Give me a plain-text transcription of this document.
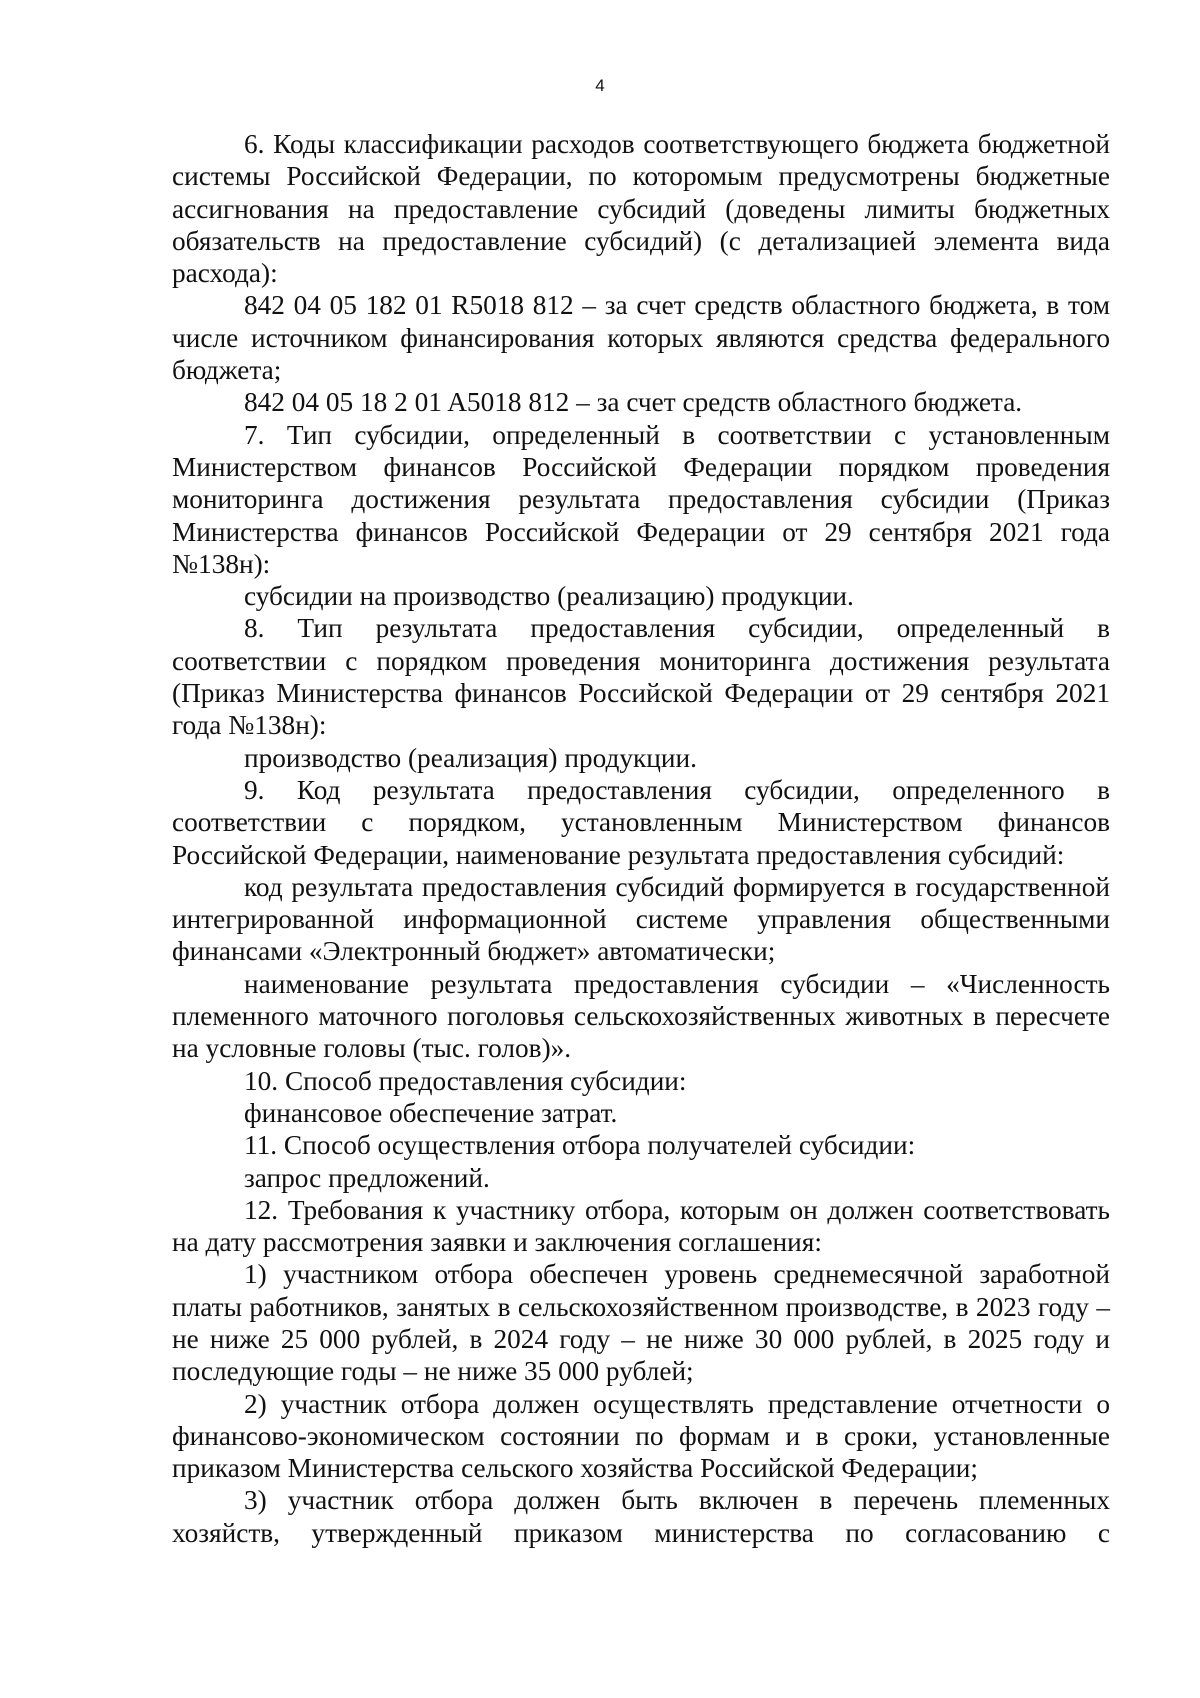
4

6. Коды классификации расходов соответствующего бюджета бюджетной системы Российской Федерации, по которомым предусмотрены бюджетные ассигнования на предоставление субсидий (доведены лимиты бюджетных обязательств на предоставление субсидий) (с детализацией элемента вида расхода):

842 04 05 182 01 R5018 812 – за счет средств областного бюджета, в том числе источником финансирования которых являются средства федерального бюджета;

842 04 05 18 2 01 A5018 812 – за счет средств областного бюджета.

7. Тип субсидии, определенный в соответствии с установленным Министерством финансов Российской Федерации порядком проведения мониторинга достижения результата предоставления субсидии (Приказ Министерства финансов Российской Федерации от 29 сентября 2021 года №138н):

субсидии на производство (реализацию) продукции.

8. Тип результата предоставления субсидии, определенный в соответствии с порядком проведения мониторинга достижения результата (Приказ Министерства финансов Российской Федерации от 29 сентября 2021 года №138н):

производство (реализация) продукции.

9. Код результата предоставления субсидии, определенного в соответствии с порядком, установленным Министерством финансов Российской Федерации, наименование результата предоставления субсидий:

код результата предоставления субсидий формируется в государственной интегрированной информационной системе управления общественными финансами «Электронный бюджет» автоматически;

наименование результата предоставления субсидии – «Численность племенного маточного поголовья сельскохозяйственных животных в пересчете на условные головы (тыс. голов)».

10. Способ предоставления субсидии:

финансовое обеспечение затрат.

11. Способ осуществления отбора получателей субсидии:

запрос предложений.

12. Требования к участнику отбора, которым он должен соответствовать на дату рассмотрения заявки и заключения соглашения:

1) участником отбора обеспечен уровень среднемесячной заработной платы работников, занятых в сельскохозяйственном производстве, в 2023 году – не ниже 25 000 рублей, в 2024 году – не ниже 30 000 рублей, в 2025 году и последующие годы – не ниже 35 000 рублей;

2) участник отбора должен осуществлять представление отчетности о финансово-экономическом состоянии по формам и в сроки, установленные приказом Министерства сельского хозяйства Российской Федерации;

3) участник отбора должен быть включен в перечень племенных хозяйств, утвержденный приказом министерства по согласованию с
